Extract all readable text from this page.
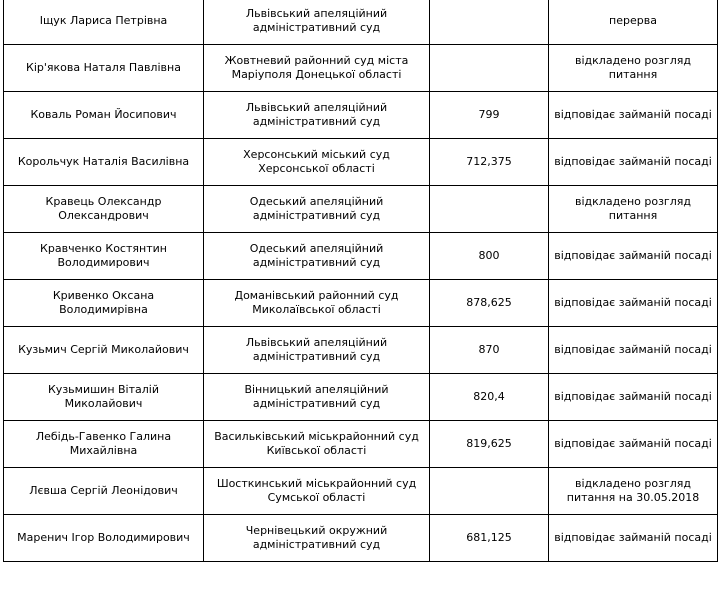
Іщук Лариса Петрівна	Львівський апеляційний адміністративний суд		перерва
Кір'якова Наталя Павлівна	Жовтневий районний суд міста Маріуполя Донецької області		відкладено розгляд питання
Коваль Роман Йосипович	Львівський апеляційний адміністративний суд	799	відповідає займаній посаді
Корольчук Наталія Василівна	Херсонський міський суд Херсонської області	712,375	відповідає займаній посаді
Кравець Олександр Олександрович	Одеський апеляційний адміністративний суд		відкладено розгляд питання
Кравченко Костянтин Володимирович	Одеський апеляційний адміністративний суд	800	відповідає займаній посаді
Кривенко Оксана Володимирівна	Доманівський районний суд Миколаївської області	878,625	відповідає займаній посаді
Кузьмич Сергій Миколайович	Львівський апеляційний адміністративний суд	870	відповідає займаній посаді
Кузьмишин Віталій Миколайович	Вінницький апеляційний адміністративний суд	820,4	відповідає займаній посаді
Лебідь-Гавенко Галина Михайлівна	Васильківський міськрайонний суд Київської області	819,625	відповідає займаній посаді
Лєвша Сергій Леонідович	Шосткинський міськрайонний суд Сумської області		відкладено розгляд питання на 30.05.2018
Маренич Ігор Володимирович	Чернівецький окружний адміністративний суд	681,125	відповідає займаній посаді
